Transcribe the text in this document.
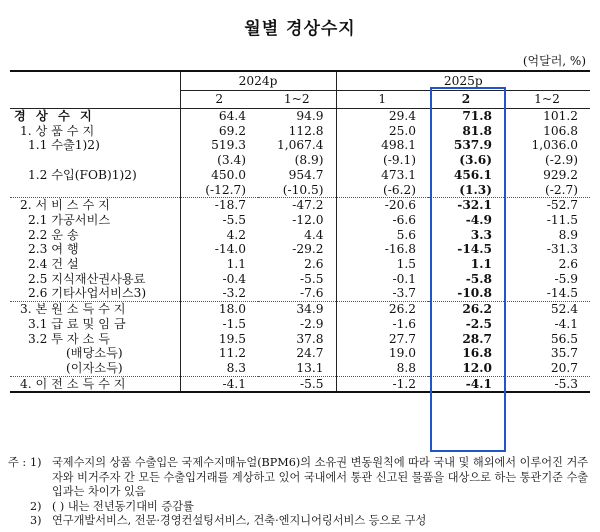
월별 경상수지
(억달러, %)
	2024p		2025p		
	2	1~2	1	2	1~2
경 상 수 지	64.4	94.9	29.4	71.8	101.2
1. 상 품 수 지	69.2	112.8	25.0	81.8	106.8
1.1 수출1)2)	519.3	1,067.4	498.1	537.9	1,036.0
	(3.4)	(8.9)	(-9.1)	(3.6)	(-2.9)
1.2 수입(FOB)1)2)	450.0	954.7	473.1	456.1	929.2
	(-12.7)	(-10.5)	(-6.2)	(1.3)	(-2.7)
2. 서 비 스 수 지	-18.7	-47.2	-20.6	-32.1	-52.7
2.1 가공서비스	-5.5	-12.0	-6.6	-4.9	-11.5
2.2 운 송	4.2	4.4	5.6	3.3	8.9
2.3 여 행	-14.0	-29.2	-16.8	-14.5	-31.3
2.4 건 설	1.1	2.6	1.5	1.1	2.6
2.5 지식재산권사용료	-0.4	-5.5	-0.1	-5.8	-5.9
2.6 기타사업서비스3)	-3.2	-7.6	-3.7	-10.8	-14.5
3. 본 원 소 득 수 지	18.0	34.9	26.2	26.2	52.4
3.1 급 료 및 임 금	-1.5	-2.9	-1.6	-2.5	-4.1
3.2 투 자 소 득	19.5	37.8	27.7	28.7	56.5
(배당소득)	11.2	24.7	19.0	16.8	35.7
(이자소득)	8.3	13.1	8.8	12.0	20.7
4. 이 전 소 득 수 지	-4.1	-5.5	-1.2	-4.1	-5.3
주 : 1) 국제수지의 상품 수출입은 국제수지매뉴얼(BPM6)의 소유권 변동원칙에 따라 국내 및 해외에서 이루어진 거주자와 비거주자 간 모든 수출입거래를 계상하고 있어 국내에서 통관 신고된 물품을 대상으로 하는 통관기준 수출입과는 차이가 있음
2) ( ) 내는 전년동기대비 증감률
3) 연구개발서비스, 전문·경영컨설팅서비스, 건축·엔지니어링서비스 등으로 구성
